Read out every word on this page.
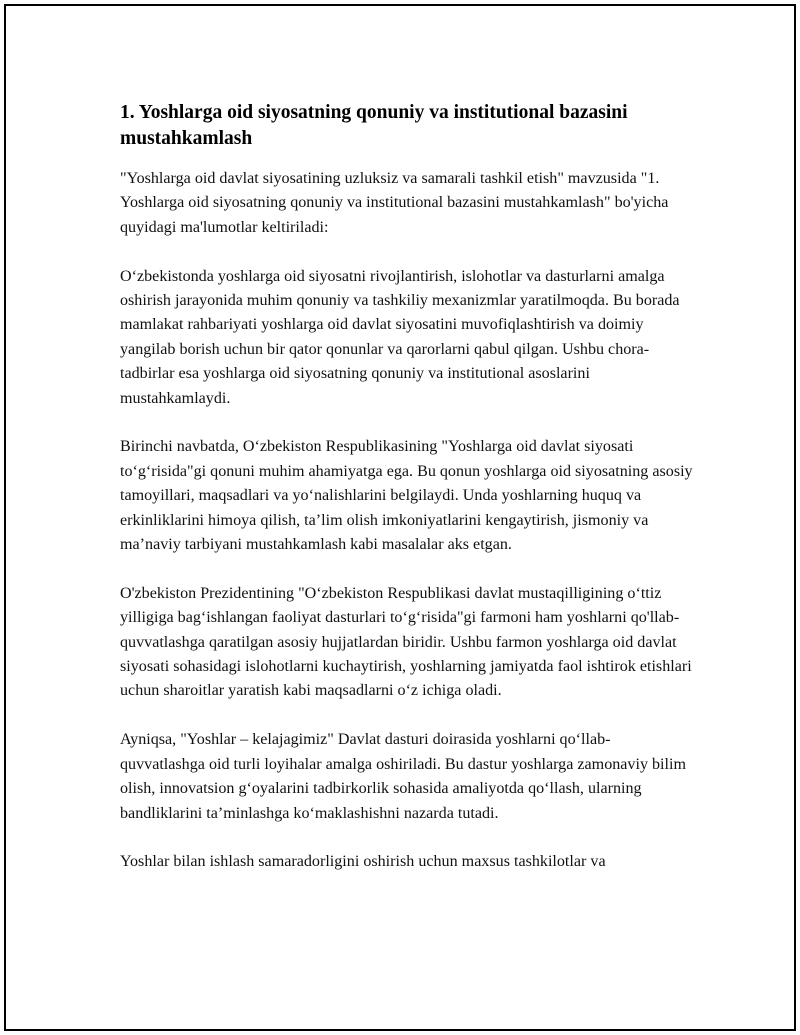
1. Yoshlarga oid siyosatning qonuniy va institutional bazasini mustahkamlash

"Yoshlarga oid davlat siyosatining uzluksiz va samarali tashkil etish" mavzusida "1. Yoshlarga oid siyosatning qonuniy va institutional bazasini mustahkamlash" bo'yicha quyidagi ma'lumotlar keltiriladi:

O‘zbekistonda yoshlarga oid siyosatni rivojlantirish, islohotlar va dasturlarni amalga oshirish jarayonida muhim qonuniy va tashkiliy mexanizmlar yaratilmoqda. Bu borada mamlakat rahbariyati yoshlarga oid davlat siyosatini muvofiqlashtirish va doimiy yangilab borish uchun bir qator qonunlar va qarorlarni qabul qilgan. Ushbu chora-tadbirlar esa yoshlarga oid siyosatning qonuniy va institutional asoslarini mustahkamlaydi.

Birinchi navbatda, O‘zbekiston Respublikasining "Yoshlarga oid davlat siyosati to‘g‘risida"gi qonuni muhim ahamiyatga ega. Bu qonun yoshlarga oid siyosatning asosiy tamoyillari, maqsadlari va yo‘nalishlarini belgilaydi. Unda yoshlarning huquq va erkinliklarini himoya qilish, ta’lim olish imkoniyatlarini kengaytirish, jismoniy va ma’naviy tarbiyani mustahkamlash kabi masalalar aks etgan.

O'zbekiston Prezidentining "O‘zbekiston Respublikasi davlat mustaqilligining o‘ttiz yilligiga bag‘ishlangan faoliyat dasturlari to‘g‘risida"gi farmoni ham yoshlarni qo'llab-quvvatlashga qaratilgan asosiy hujjatlardan biridir. Ushbu farmon yoshlarga oid davlat siyosati sohasidagi islohotlarni kuchaytirish, yoshlarning jamiyatda faol ishtirok etishlari uchun sharoitlar yaratish kabi maqsadlarni o‘z ichiga oladi.

Ayniqsa, "Yoshlar – kelajagimiz" Davlat dasturi doirasida yoshlarni qo‘llab-quvvatlashga oid turli loyihalar amalga oshiriladi. Bu dastur yoshlarga zamonaviy bilim olish, innovatsion g‘oyalarini tadbirkorlik sohasida amaliyotda qo‘llash, ularning bandliklarini ta’minlashga ko‘maklashishni nazarda tutadi.

Yoshlar bilan ishlash samaradorligini oshirish uchun maxsus tashkilotlar va
